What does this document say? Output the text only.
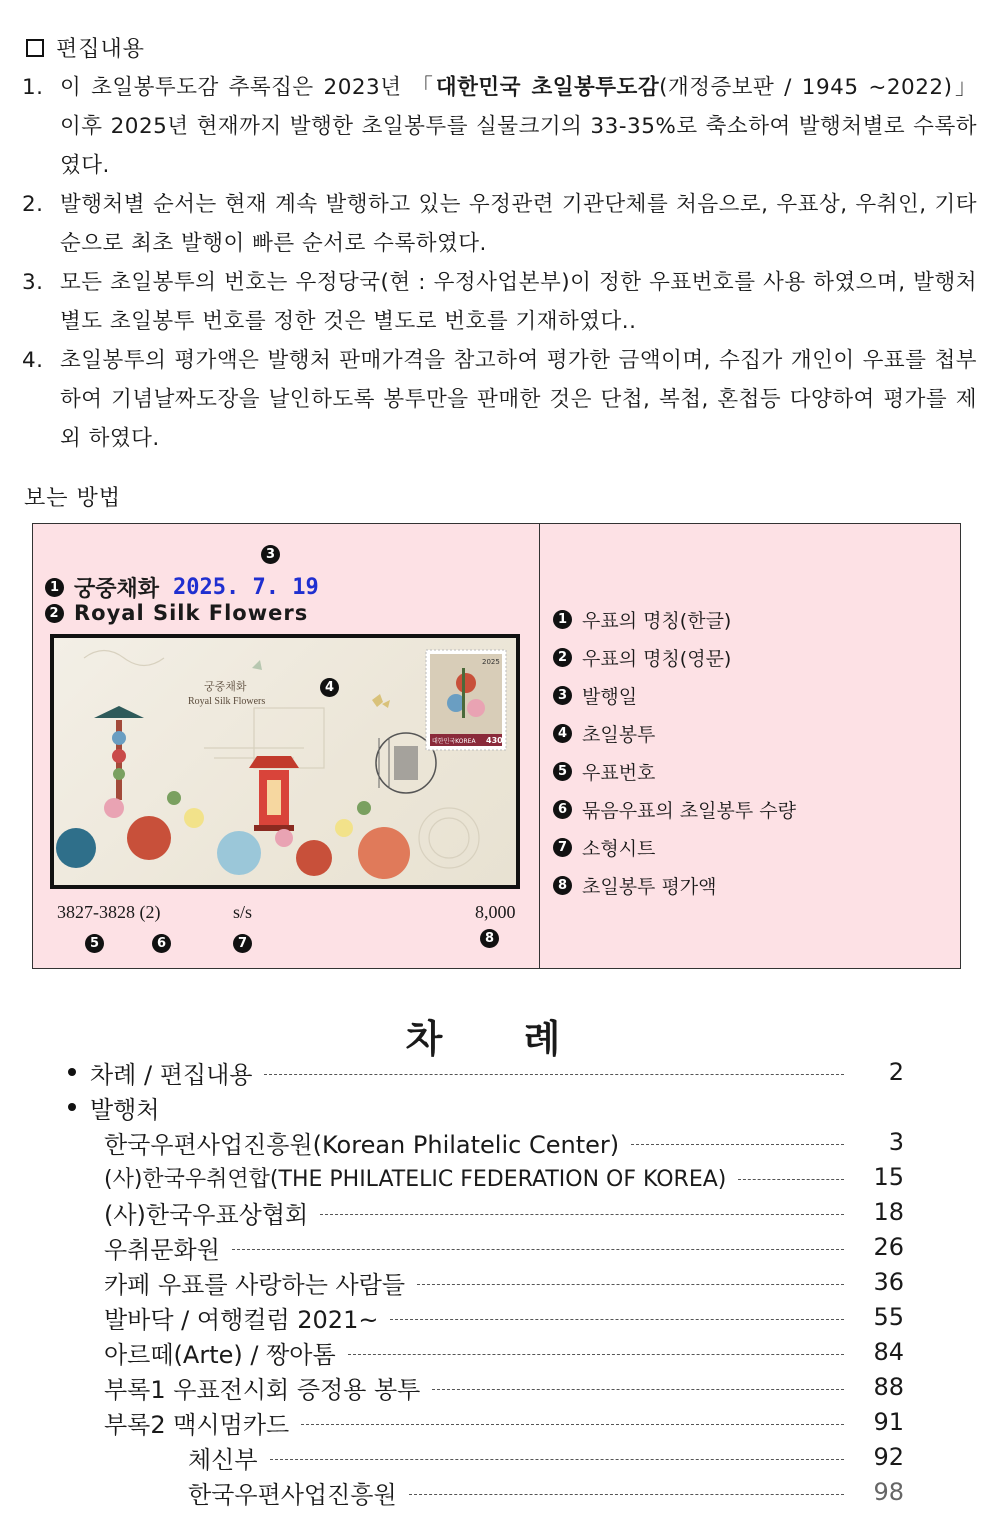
편집내용
1. 이 초일봉투도감 추록집은 2023년 「대한민국 초일봉투도감(개정증보판 / 1945 ~2022)」 이후 2025년 현재까지 발행한 초일봉투를 실물크기의 33-35%로 축소하여 발행처별로 수록하였다.
2. 발행처별 순서는 현재 계속 발행하고 있는 우정관련 기관단체를 처음으로, 우표상, 우취인, 기타 순으로 최초 발행이 빠른 순서로 수록하였다.
3. 모든 초일봉투의 번호는 우정당국(현 : 우정사업본부)이 정한 우표번호를 사용 하였으며, 발행처별도 초일봉투 번호를 정한 것은 별도로 번호를 기재하였다..
4. 초일봉투의 평가액은 발행처 판매가격을 참고하여 평가한 금액이며, 수집가 개인이 우표를 첩부하여 기념날짜도장을 날인하도록 봉투만을 판매한 것은 단첩, 복첩, 혼첩등 다양하여 평가를 제외 하였다.
보는 방법
3
1 궁중채화 2025. 7. 19
2 Royal Silk Flowers
궁중채화
Royal Silk Flowers
2025
대한민국KOREA 430
4
3827-3828 (2)	s/s	8,000
5	6	7	8
1 우표의 명칭(한글)
2 우표의 명칭(영문)
3 발행일
4 초일봉투
5 우표번호
6 묶음우표의 초일봉투 수량
7 소형시트
8 초일봉투 평가액
차 례
차례 / 편집내용	2
발행처
한국우편사업진흥원(Korean Philatelic Center)	3
(사)한국우취연합(THE PHILATELIC FEDERATION OF KOREA)	15
(사)한국우표상협회	18
우취문화원	26
카페 우표를 사랑하는 사람들	36
발바닥 / 여행컬럼 2021~	55
아르떼(Arte) / 짱아톰	84
부록1 우표전시회 증정용 봉투	88
부록2 맥시멈카드	91
체신부	92
한국우편사업진흥원	98
